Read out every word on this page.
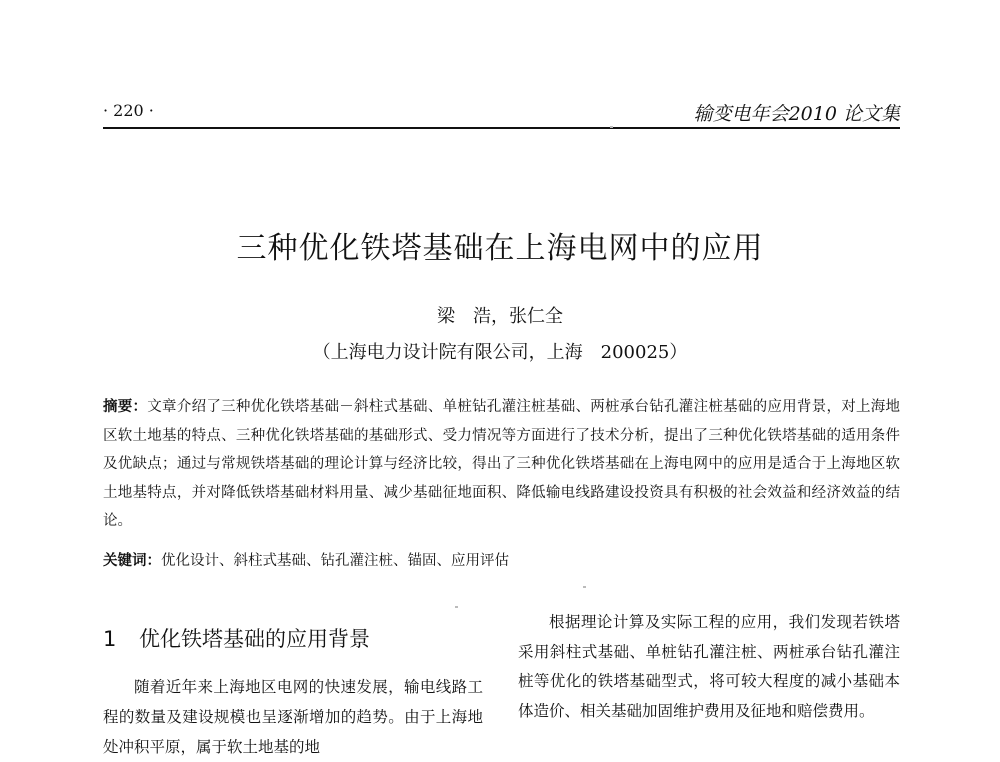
· 220 ·	输变电年会2010 论文集
三种优化铁塔基础在上海电网中的应用
梁　浩，张仁全
（上海电力设计院有限公司，上海　200025）
摘要：文章介绍了三种优化铁塔基础－斜柱式基础、单桩钻孔灌注桩基础、两桩承台钻孔灌注桩基础的应用背景，对上海地区软土地基的特点、三种优化铁塔基础的基础形式、受力情况等方面进行了技术分析，提出了三种优化铁塔基础的适用条件及优缺点；通过与常规铁塔基础的理论计算与经济比较，得出了三种优化铁塔基础在上海电网中的应用是适合于上海地区软土地基特点，并对降低铁塔基础材料用量、减少基础征地面积、降低输电线路建设投资具有积极的社会效益和经济效益的结论。
关键词：优化设计、斜柱式基础、钻孔灌注桩、锚固、应用评估
1 优化铁塔基础的应用背景

随着近年来上海地区电网的快速发展，输电线路工程的数量及建设规模也呈逐渐增加的趋势。由于上海地处冲积平原，属于软土地基的地

根据理论计算及实际工程的应用，我们发现若铁塔采用斜柱式基础、单桩钻孔灌注桩、两桩承台钻孔灌注桩等优化的铁塔基础型式，将可较大程度的减小基础本体造价、相关基础加固维护费用及征地和赔偿费用。
